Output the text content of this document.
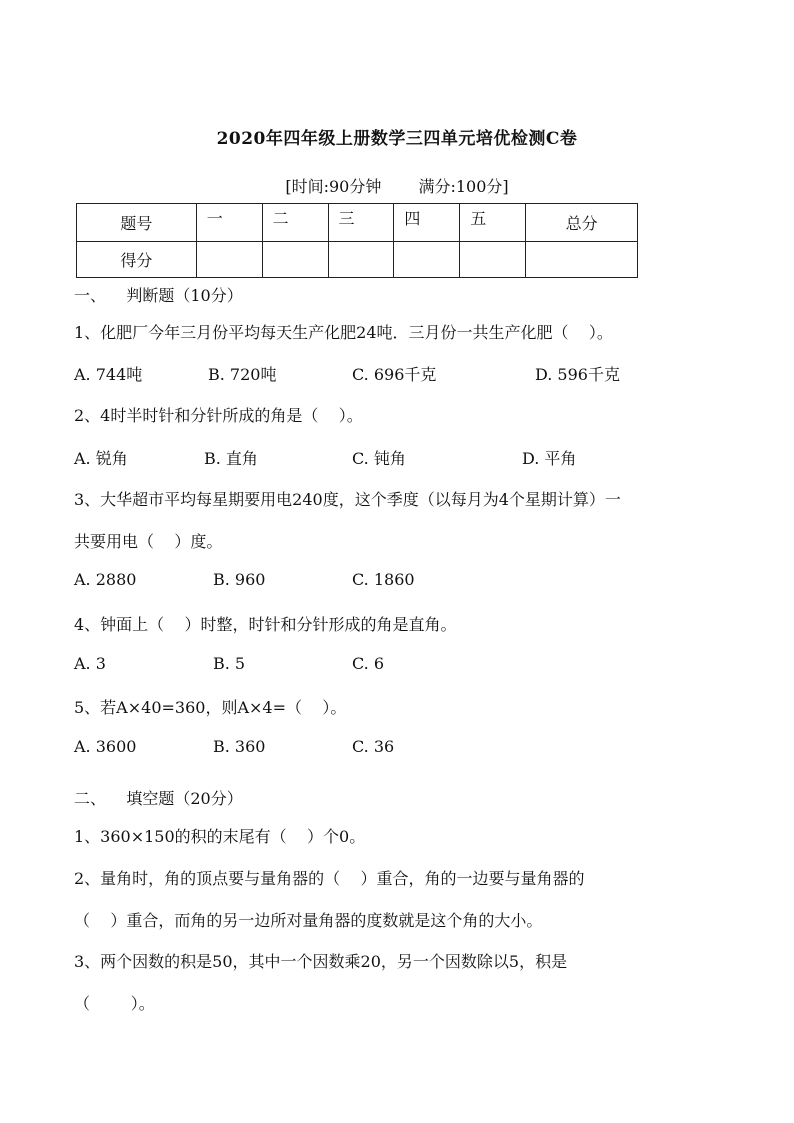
2020年四年级上册数学三四单元培优检测C卷
[时间:90分钟 满分:100分]
题号	一	二	三	四	五	总分
得分						
一、    判断题（10分）
1、化肥厂今年三月份平均每天生产化肥24吨．三月份一共生产化肥（    ）。
A. 744吨	B. 720吨	C. 696千克	D. 596千克
2、4时半时针和分针所成的角是（    ）。
A. 锐角	B. 直角	C. 钝角	D. 平角
3、大华超市平均每星期要用电240度，这个季度（以每月为4个星期计算）一
共要用电（    ）度。
A. 2880	B. 960	C. 1860
4、钟面上（    ）时整，时针和分针形成的角是直角。
A. 3	B. 5	C. 6
5、若A×40=360，则A×4=（    ）。
A. 3600	B. 360	C. 36
二、    填空题（20分）
1、360×150的积的末尾有（    ）个0。
2、量角时，角的顶点要与量角器的（    ）重合，角的一边要与量角器的
（    ）重合，而角的另一边所对量角器的度数就是这个角的大小。
3、两个因数的积是50，其中一个因数乘20，另一个因数除以5，积是
（        ）。
